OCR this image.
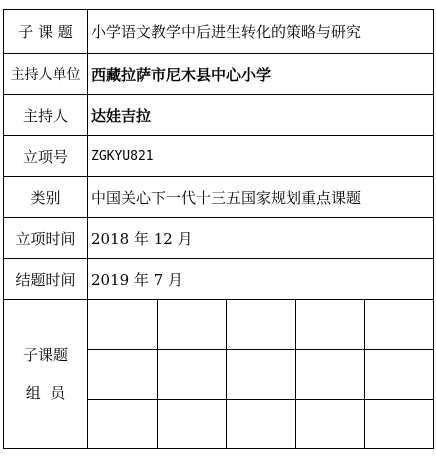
子 课 题	小学语文教学中后进生转化的策略与研究
主持人单位	西藏拉萨市尼木县中心小学
主持人	达娃吉拉
立项号	ZGKYU821
类别	中国关心下一代十三五国家规划重点课题
立项时间	2018 年 12 月
结题时间	2019 年 7 月

子课题
组  员
